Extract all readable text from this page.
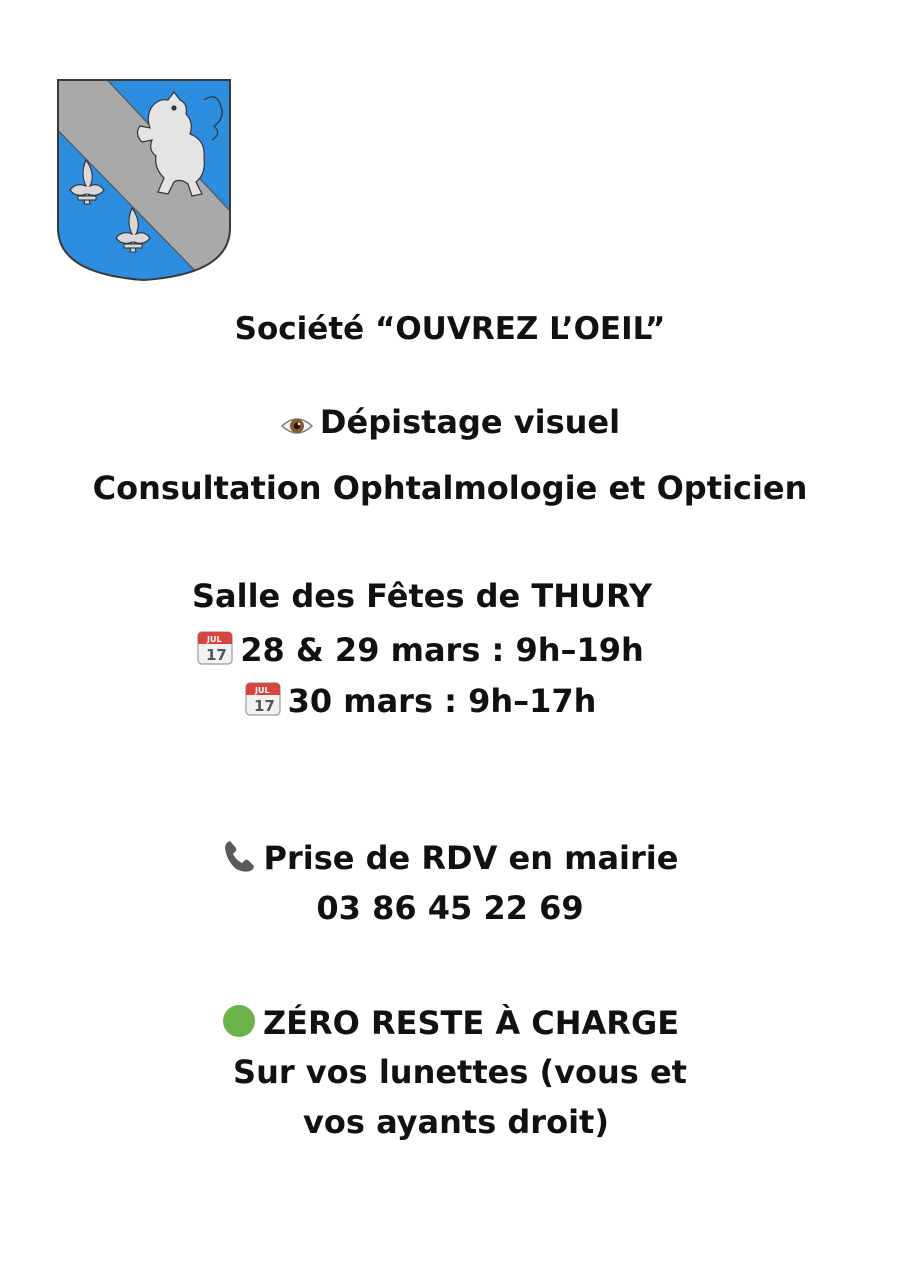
Société “OUVREZ L’OEIL”
Dépistage visuel
Consultation Ophtalmologie et Opticien
Salle des Fêtes de THURY
JUL
17 28 & 29 mars : 9h–19h
JUL
17 30 mars : 9h–17h
Prise de RDV en mairie
03 86 45 22 69
ZÉRO RESTE À CHARGE
Sur vos lunettes (vous et
vos ayants droit)
